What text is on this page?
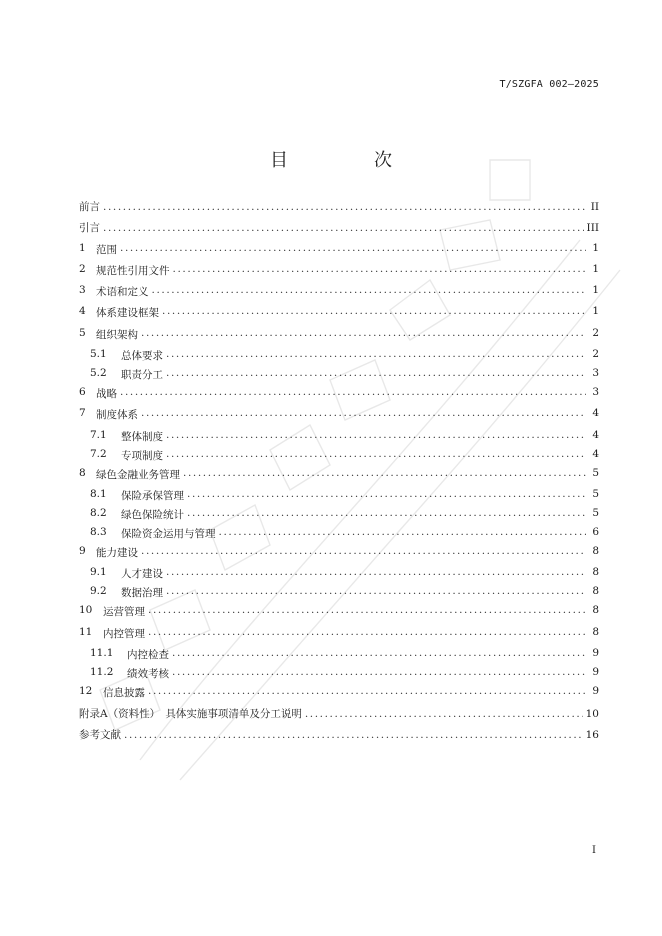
T/SZGFA 002—2025
目　次
前言 .....	II
引言 .....	III
1 范围 .....	1
2 规范性引用文件 .....	1
3 术语和定义 .....	1
4 体系建设框架 .....	1
5 组织架构 .....	2
5.1	总体要求 .....	2
5.2	职责分工 .....	3
6 战略 .....	3
7 制度体系 .....	4
7.1	整体制度 .....	4
7.2	专项制度 .....	4
8 绿色金融业务管理 .....	5
8.1	保险承保管理 .....	5
8.2	绿色保险统计 .....	5
8.3	保险资金运用与管理 .....	6
9 能力建设 .....	8
9.1	人才建设 .....	8
9.2	数据治理 .....	8
10	运营管理 .....	8
11	内控管理 .....	8
11.1	内控检查 .....	9
11.2	绩效考核 .....	9
12	信息披露 .....	9
附录A（资料性）　具体实施事项清单及分工说明 .....	10
参考文献 .....	16
I
